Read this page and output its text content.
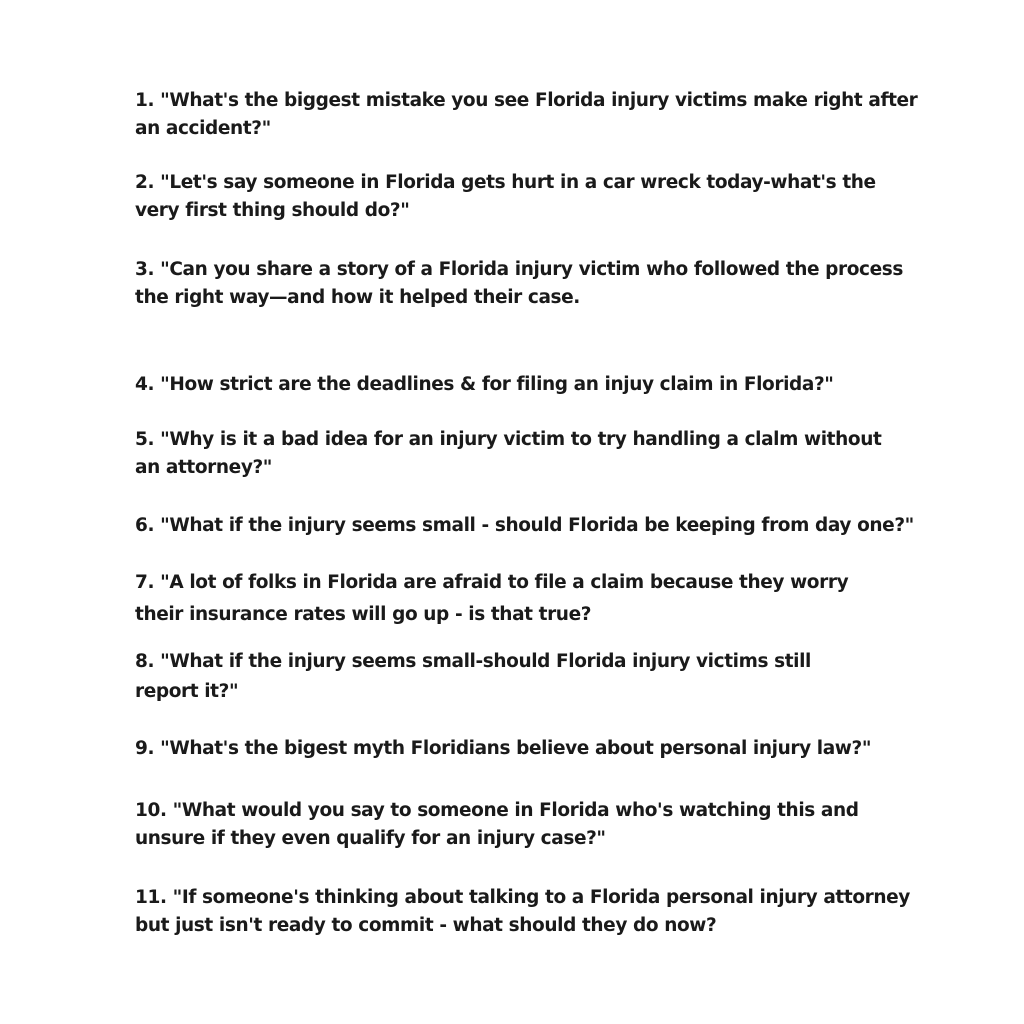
1. "What's the biggest mistake you see Florida injury victims make right after
an accident?"

2. "Let's say someone in Florida gets hurt in a car wreck today-what's the
very first thing should do?"

3. "Can you share a story of a Florida injury victim who followed the process
the right way—and how it helped their case.

4. "How strict are the deadlines & for filing an injuy claim in Florida?"

5. "Why is it a bad idea for an injury victim to try handling a clalm without
an attorney?"

6. "What if the injury seems small - should Florida be keeping from day one?"

7. "A lot of folks in Florida are afraid to file a claim because they worry
their insurance rates will go up - is that true?

8. "What if the injury seems small-should Florida injury victims still
report it?"

9. "What's the bigest myth Floridians believe about personal injury law?"

10. "What would you say to someone in Florida who's watching this and
unsure if they even qualify for an injury case?"

11. "If someone's thinking about talking to a Florida personal injury attorney
but just isn't ready to commit - what should they do now?
